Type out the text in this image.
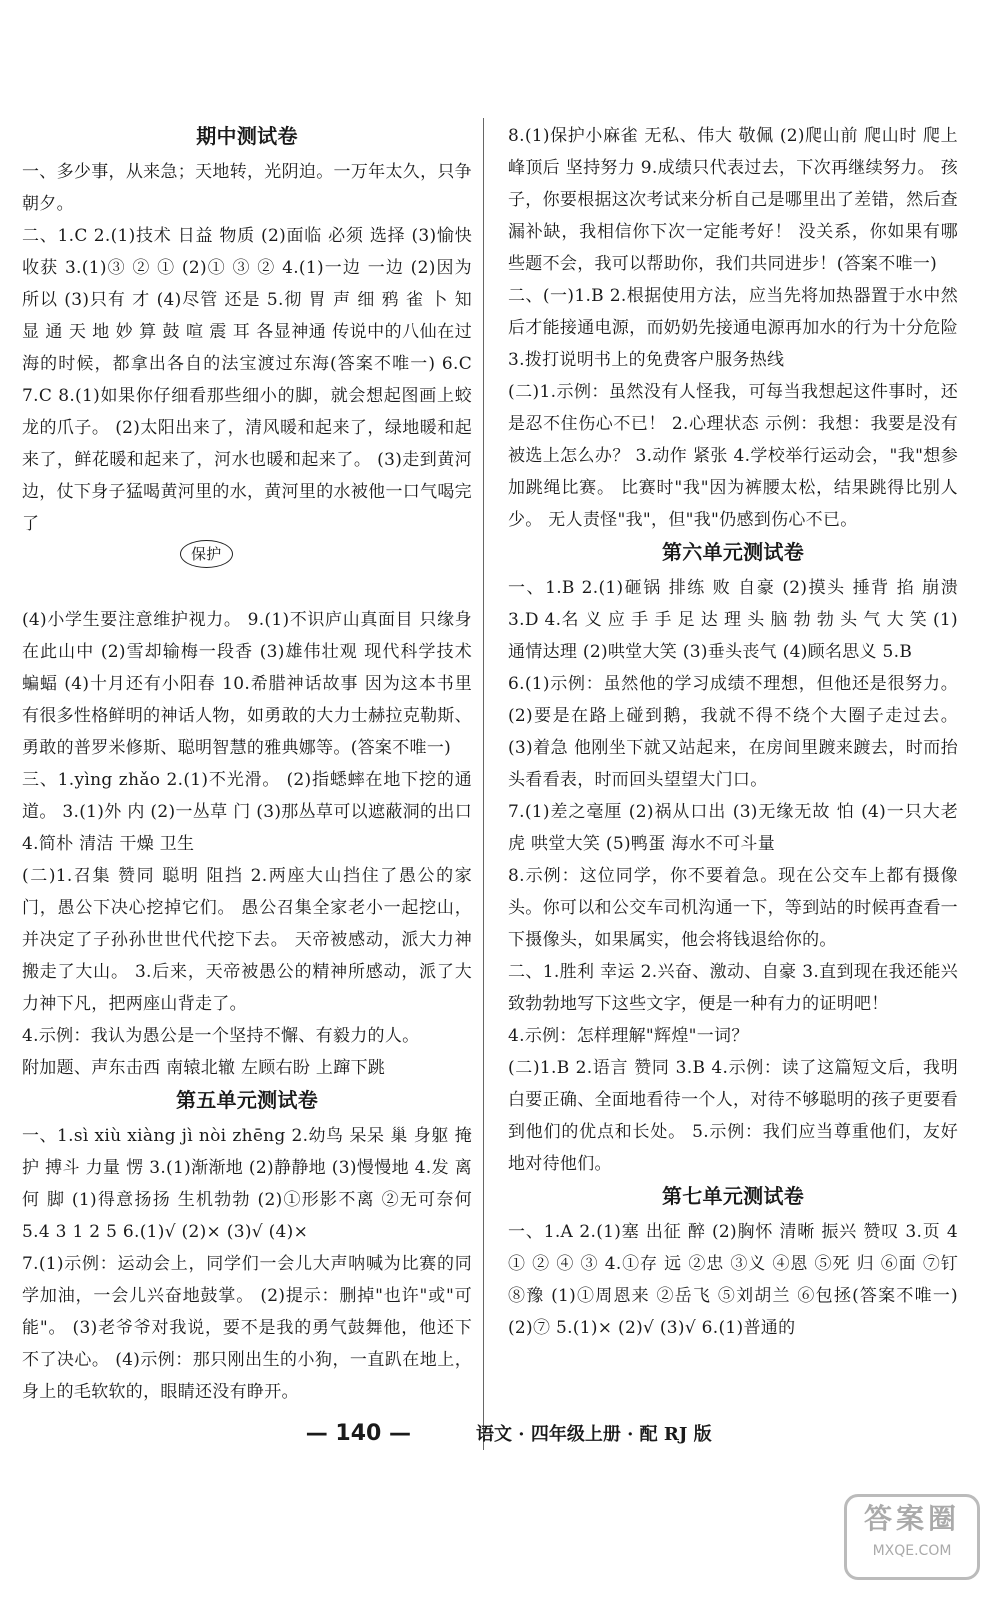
期中测试卷

一、多少事，从来急；天地转，光阴迫。一万年太久，只争朝夕。

二、1.C 2.(1)技术 日益 物质 (2)面临 必须 选择 (3)愉快 收获 3.(1)③ ② ① (2)① ③ ② 4.(1)一边 一边 (2)因为 所以 (3)只有 才 (4)尽管 还是 5.彻 胃 声 细 鸦 雀 卜 知 显 通 天 地 妙 算 鼓 喧 震 耳 各显神通 传说中的八仙在过海的时候，都拿出各自的法宝渡过东海(答案不唯一) 6.C 7.C 8.(1)如果你仔细看那些细小的脚，就会想起图画上蛟龙的爪子。 (2)太阳出来了，清风暖和起来了，绿地暖和起来了，鲜花暖和起来了，河水也暖和起来了。 (3)走到黄河边，仗下身子猛喝黄河里的水，黄河里的水被他一口气喝完了

保护

(4)小学生要注意维护视力。 9.(1)不识庐山真面目 只缘身在此山中 (2)雪却输梅一段香 (3)雄伟壮观 现代科学技术 蝙蝠 (4)十月还有小阳春 10.希腊神话故事 因为这本书里有很多性格鲜明的神话人物，如勇敢的大力士赫拉克勒斯、勇敢的普罗米修斯、聪明智慧的雅典娜等。(答案不唯一)

三、1.yìng zhǎo 2.(1)不光滑。 (2)指蟋蟀在地下挖的通道。 3.(1)外 内 (2)一丛草 门 (3)那丛草可以遮蔽洞的出口 4.简朴 清洁 干燥 卫生

(二)1.召集 赞同 聪明 阻挡 2.两座大山挡住了愚公的家门，愚公下决心挖掉它们。 愚公召集全家老小一起挖山，并决定了子孙孙世世代代挖下去。 天帝被感动，派大力神搬走了大山。 3.后来，天帝被愚公的精神所感动，派了大力神下凡，把两座山背走了。

4.示例：我认为愚公是一个坚持不懈、有毅力的人。

附加题、声东击西 南辕北辙 左顾右盼 上蹿下跳

第五单元测试卷

一、1.sì xiù xiàng jì nòi zhēng 2.幼鸟 呆呆 巢 身躯 掩护 搏斗 力量 愣 3.(1)渐渐地 (2)静静地 (3)慢慢地 4.发 离 何 脚 (1)得意扬扬 生机勃勃 (2)①形影不离 ②无可奈何 5.4 3 1 2 5 6.(1)√ (2)× (3)√ (4)×

7.(1)示例：运动会上，同学们一会儿大声呐喊为比赛的同学加油，一会儿兴奋地鼓掌。 (2)提示：删掉"也许"或"可能"。 (3)老爷爷对我说，要不是我的勇气鼓舞他，他还下不了决心。 (4)示例：那只刚出生的小狗，一直趴在地上，身上的毛软软的，眼睛还没有睁开。

8.(1)保护小麻雀 无私、伟大 敬佩 (2)爬山前 爬山时 爬上峰顶后 坚持努力 9.成绩只代表过去，下次再继续努力。 孩子，你要根据这次考试来分析自己是哪里出了差错，然后查漏补缺，我相信你下次一定能考好！ 没关系，你如果有哪些题不会，我可以帮助你，我们共同进步！(答案不唯一)

二、(一)1.B 2.根据使用方法，应当先将加热器置于水中然后才能接通电源，而奶奶先接通电源再加水的行为十分危险 3.拨打说明书上的免费客户服务热线

(二)1.示例：虽然没有人怪我，可每当我想起这件事时，还是忍不住伤心不已！ 2.心理状态 示例：我想：我要是没有被选上怎么办？ 3.动作 紧张 4.学校举行运动会，"我"想参加跳绳比赛。 比赛时"我"因为裤腰太松，结果跳得比别人少。 无人责怪"我"，但"我"仍感到伤心不已。

第六单元测试卷

一、1.B 2.(1)砸锅 排练 败 自豪 (2)摸头 捶背 掐 崩溃 3.D 4.名 义 应 手 手 足 达 理 头 脑 勃 勃 头 气 大 笑 (1)通情达理 (2)哄堂大笑 (3)垂头丧气 (4)顾名思义 5.B

6.(1)示例：虽然他的学习成绩不理想，但他还是很努力。 (2)要是在路上碰到鹅，我就不得不绕个大圈子走过去。 (3)着急 他刚坐下就又站起来，在房间里踱来踱去，时而抬头看看表，时而回头望望大门口。

7.(1)差之毫厘 (2)祸从口出 (3)无缘无故 怕 (4)一只大老虎 哄堂大笑 (5)鸭蛋 海水不可斗量

8.示例：这位同学，你不要着急。现在公交车上都有摄像头。你可以和公交车司机沟通一下，等到站的时候再查看一下摄像头，如果属实，他会将钱退给你的。

二、1.胜利 幸运 2.兴奋、激动、自豪 3.直到现在我还能兴致勃勃地写下这些文字，便是一种有力的证明吧！

4.示例：怎样理解"辉煌"一词？

(二)1.B 2.语言 赞同 3.B 4.示例：读了这篇短文后，我明白要正确、全面地看待一个人，对待不够聪明的孩子更要看到他们的优点和长处。 5.示例：我们应当尊重他们，友好地对待他们。

第七单元测试卷

一、1.A 2.(1)塞 出征 醉 (2)胸怀 清晰 振兴 赞叹 3.页 4 ① ② ④ ③ 4.①存 远 ②忠 ③义 ④恩 ⑤死 归 ⑥面 ⑦钉 ⑧豫 (1)①周恩来 ②岳飞 ⑤刘胡兰 ⑥包拯(答案不唯一) (2)⑦ 5.(1)× (2)√ (3)√ 6.(1)普通的

— 140 —	语文 · 四年级上册 · 配 RJ 版
答案圈
MXQE.COM
